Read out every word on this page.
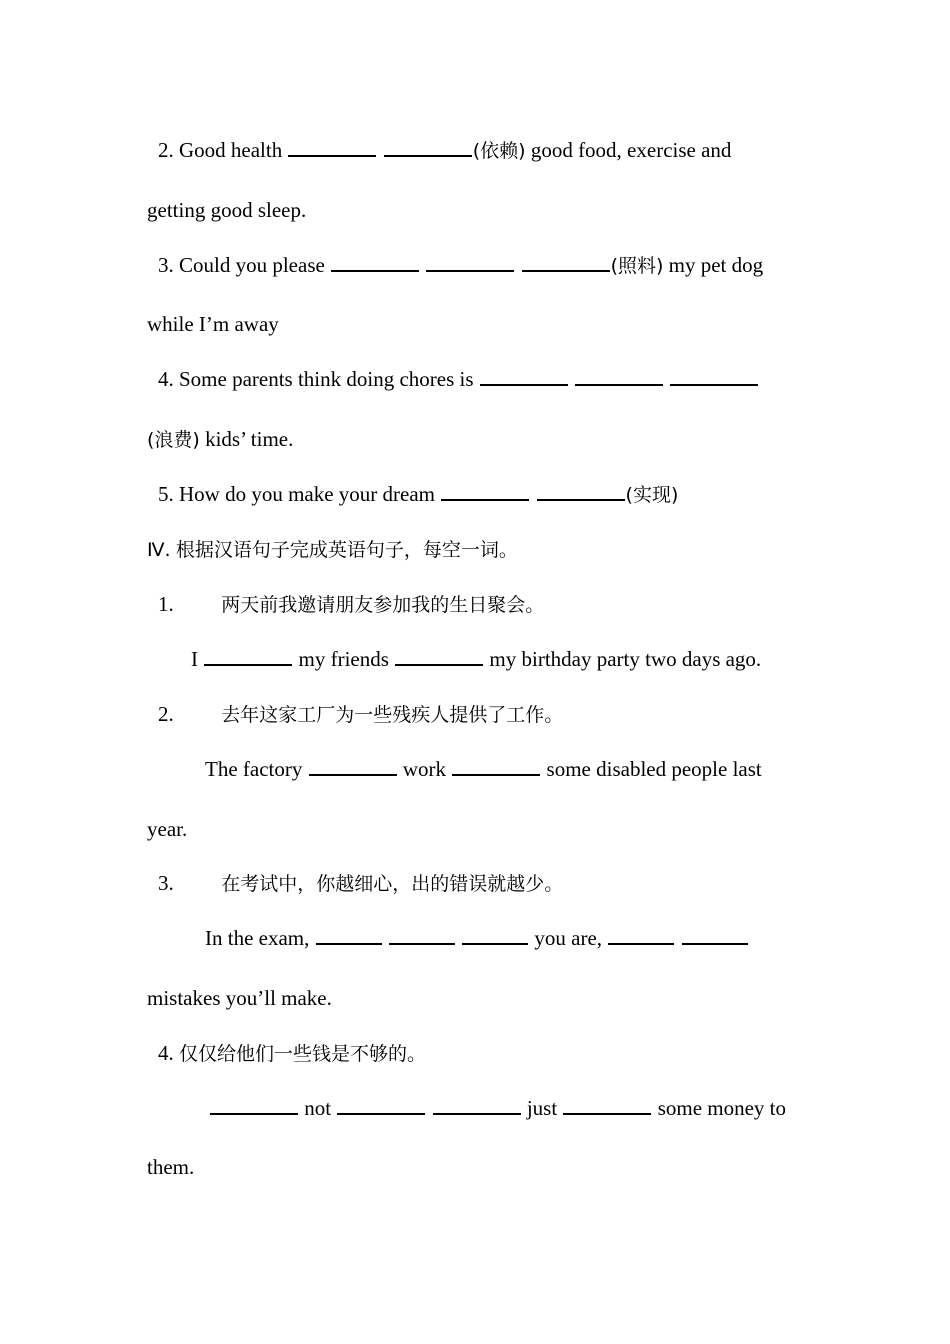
2. Good health	(依赖) good food, exercise and
getting good sleep.
3. Could you please	(照料) my pet dog
while I’m away
4. Some parents think doing chores is
(浪费) kids’ time.
5. How do you make your dream	(实现)
Ⅳ. 根据汉语句子完成英语句子，每空一词。
1.	两天前我邀请朋友参加我的生日聚会。
I	my friends	my birthday party two days ago.
2.	去年这家工厂为一些残疾人提供了工作。
The factory	work	some disabled people last
year.
3.	在考试中，你越细心，出的错误就越少。
In the exam,	you are,
mistakes you’ll make.
4. 仅仅给他们一些钱是不够的。
not	just	some money to
them.
